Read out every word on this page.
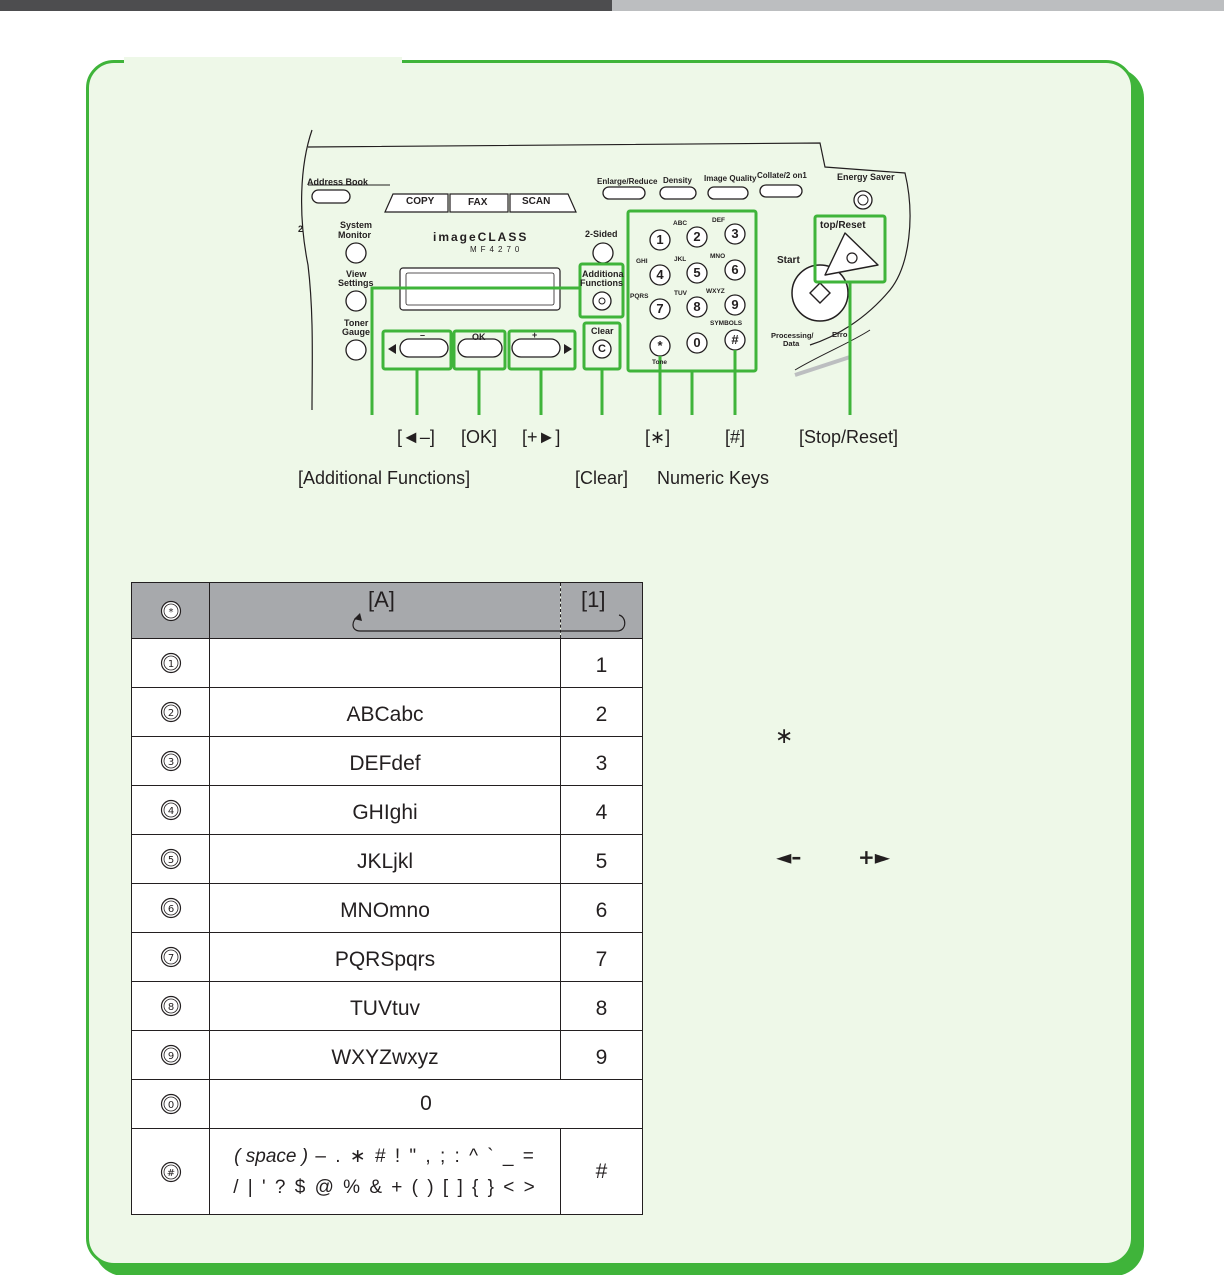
Address Book
COPY	FAX	SCAN
Enlarge/Reduce Density Image Quality Collate/2 on1	Energy Saver
2	System
Monitor
View
Settings
Toner
Gauge
imageCLASS
MF4270
2-Sided
Additiona
Functions
Clear
C
OK
–	+
top/Reset
Start
Processing/
Data
Erro
Tone
ABC	DEF
GHI	JKL	MNO
PQRS	TUV	WXYZ
SYMBOLS
1	2	3
4	5	6
7	8	9
*	0	#
[◄–] [OK] [+►]	[∗]	[#]	[Stop/Reset]
[Additional Functions]	[Clear] Numeric Keys
*	[A]	[1]

1		1

2	ABCabc	2

3	DEFdef	3

4	GHIghi	4

5	JKLjkl	5

6	MNOmno	6

7	PQRSpqrs	7

8	TUVtuv	8

9	WXYZwxyz	9

0	0	

#	( space ) – . ∗ # ! " , ; : ^ ` _ =
/ | ' ? $ @ % & + ( ) [ ] { } < >	#
∗
◄–	+►
